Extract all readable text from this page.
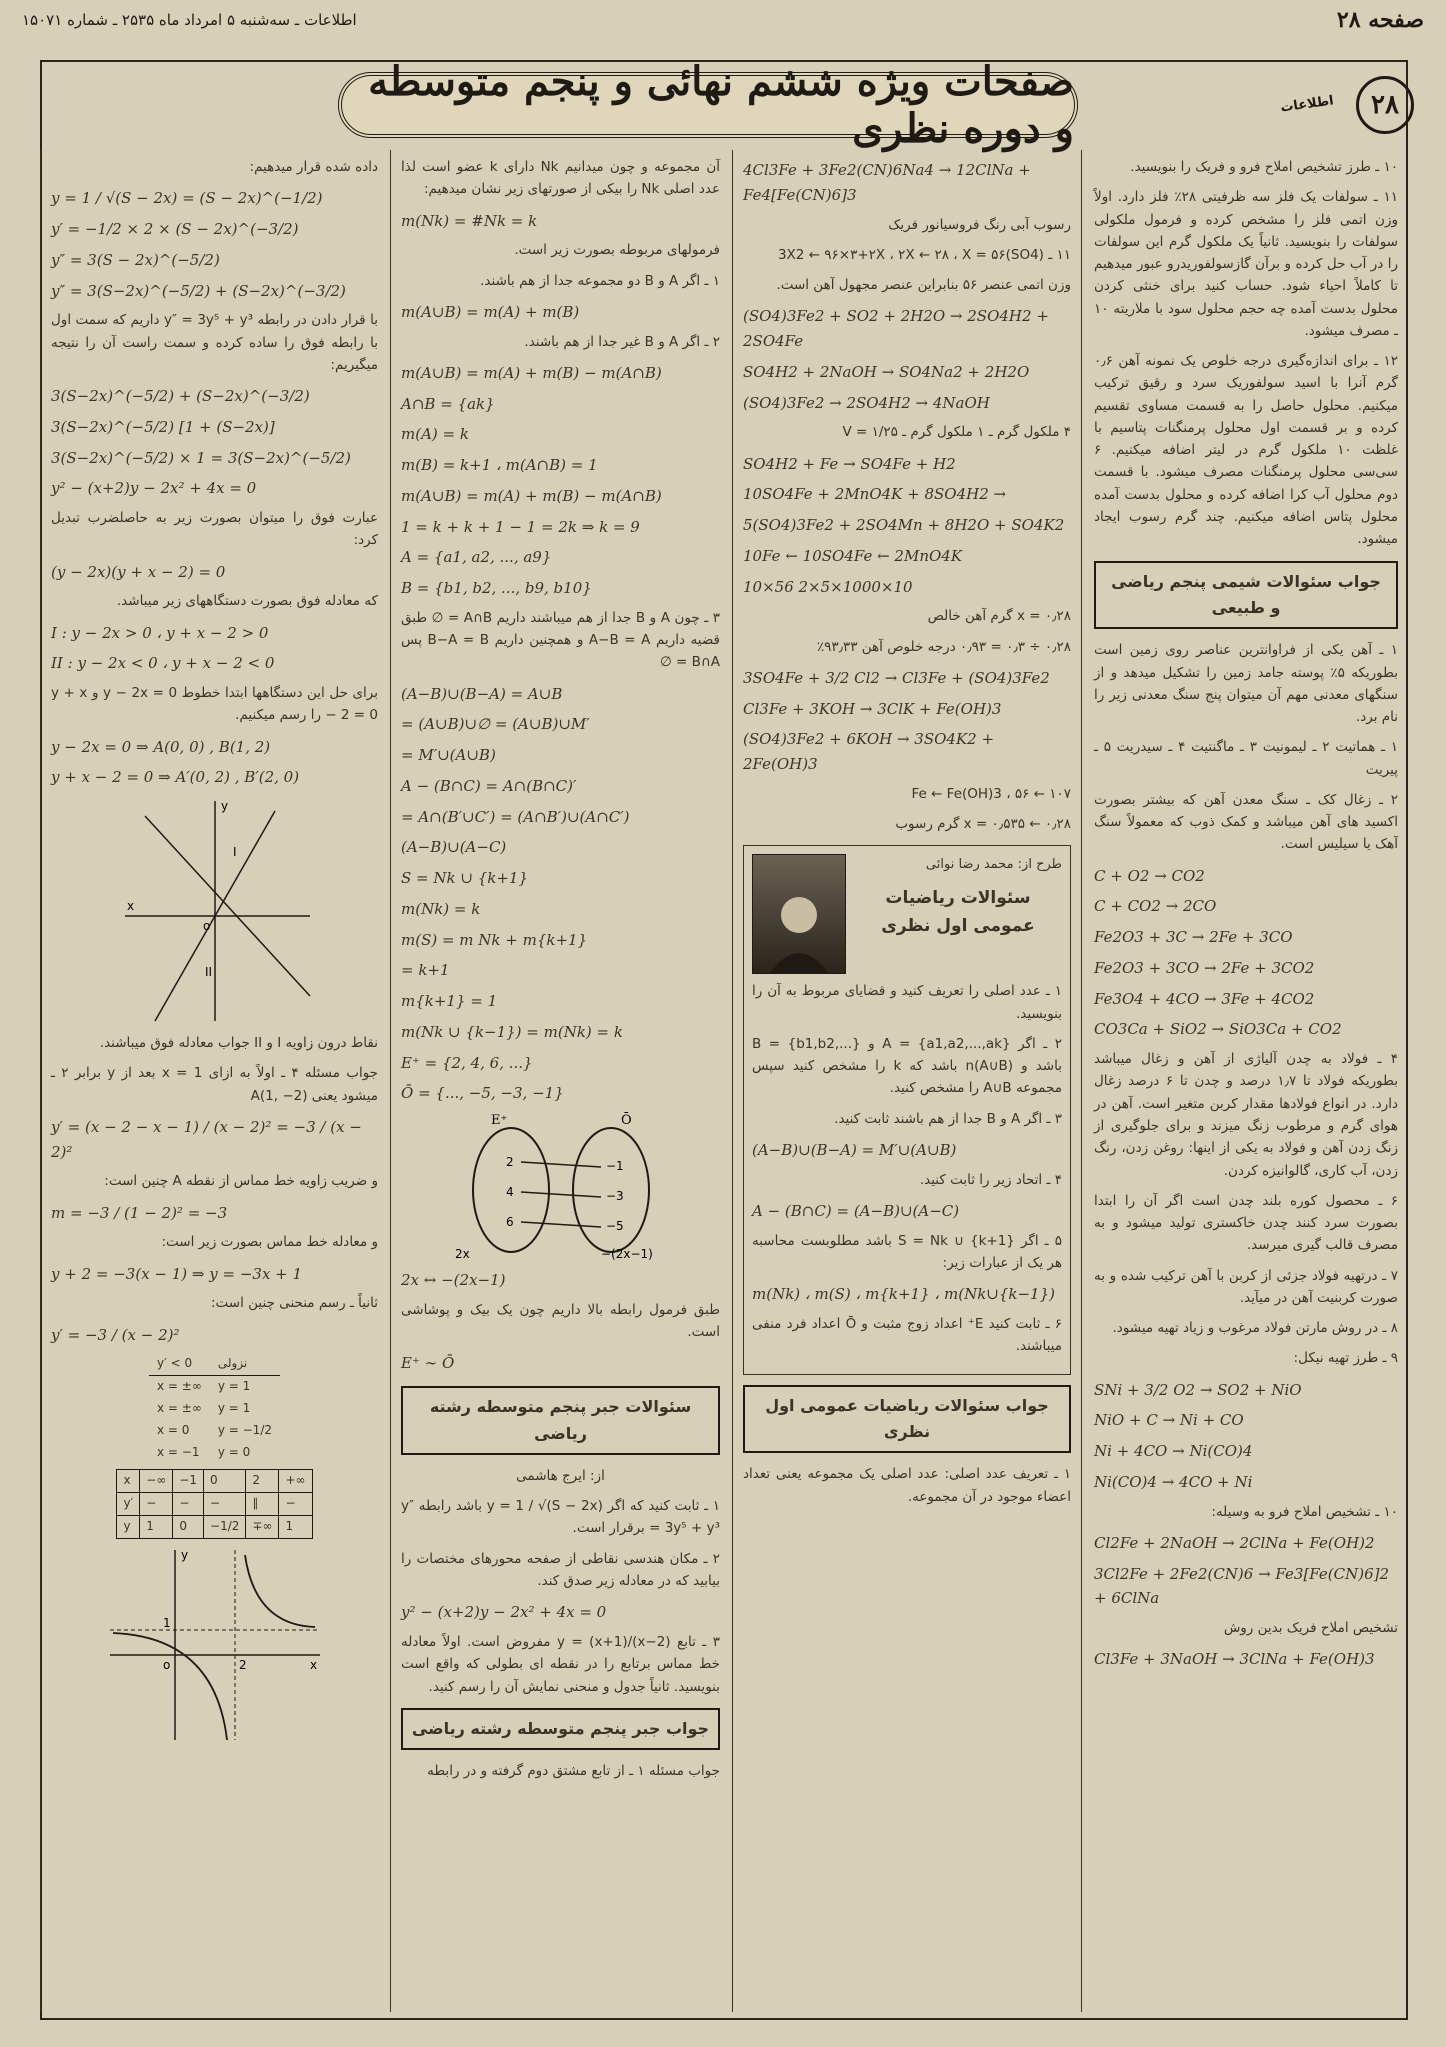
اطلاعات ـ سه‌شنبه ۵ امرداد ماه ۲۵۳۵ ـ شماره ۱۵۰۷۱	صفحه ۲۸
صفحات ویژه ششم نهائی و پنجم متوسطه و دوره نظری
اطلاعات	۲۸

۱۰ ـ طرز تشخیص املاح فرو و فریک را بنویسید.

۱۱ ـ سولفات یک فلز سه ظرفیتی ۲۸٪ فلز دارد. اولاً وزن اتمی فلز را مشخص کرده و فرمول ملکولی سولفات را بنویسید. ثانیاً یک ملکول گرم این سولفات را در آب حل کرده و برآن گازسولفوریدرو عبور میدهیم تا کاملاً احیاء شود. حساب کنید برای خنثی کردن محلول بدست آمده چه حجم محلول سود با ملاریته ۱۰ ـ مصرف میشود.

۱۲ ـ برای اندازه‌گیری درجه خلوص یک نمونه آهن ۰٫۶ گرم آنرا با اسید سولفوریک سرد و رقیق ترکیب میکنیم. محلول حاصل را به قسمت مساوی تقسیم کرده و بر قسمت اول محلول پرمنگنات پتاسیم با غلظت ۱۰ ملکول گرم در لیتر اضافه میکنیم. ۶ سی‌سی محلول پرمنگنات مصرف میشود. با قسمت دوم محلول آب کرا اضافه کرده و محلول بدست آمده محلول پتاس اضافه میکنیم. چند گرم رسوب ایجاد میشود.

جواب سئوالات شیمی پنجم ریاضی و طبیعی

۱ ـ آهن یکی از فراوانترین عناصر روی زمین است بطوریکه ۵٪ پوسته جامد زمین را تشکیل میدهد و از سنگهای معدنی مهم آن میتوان پنج سنگ معدنی زیر را نام برد.

۱ ـ هماتیت ۲ ـ لیمونیت ۳ ـ ماگنتیت ۴ ـ سیدریت ۵ ـ پیریت

۲ ـ زغال کک ـ سنگ معدن آهن که بیشتر بصورت اکسید های آهن میباشد و کمک ذوب که معمولاً سنگ آهک یا سیلیس است.

C + O2 → CO2
C + CO2 → 2CO
Fe2O3 + 3C → 2Fe + 3CO
Fe2O3 + 3CO → 2Fe + 3CO2
Fe3O4 + 4CO → 3Fe + 4CO2
CO3Ca + SiO2 → SiO3Ca + CO2

۴ ـ فولاد به چدن آلیاژی از آهن و زغال میباشد بطوریکه فولاد تا ۱٫۷ درصد و چدن تا ۶ درصد زغال دارد. در انواع فولادها مقدار کربن متغیر است. آهن در هوای گرم و مرطوب زنگ میزند و برای جلوگیری از زنگ زدن آهن و فولاد به یکی از اینها: روغن زدن، رنگ زدن، آب کاری، گالوانیزه کردن.

۶ ـ محصول کوره بلند چدن است اگر آن را ابتدا بصورت سرد کنند چدن خاکستری تولید میشود و به مصرف قالب گیری میرسد.

۷ ـ درتهیه فولاد جزئی از کربن با آهن ترکیب شده و به صورت کربنیت آهن در میآید.

۸ ـ در روش مارتن فولاد مرغوب و زیاد تهیه میشود.

۹ ـ طرز تهیه نیکل:

SNi + 3/2 O2 → SO2 + NiO
NiO + C → Ni + CO
Ni + 4CO → Ni(CO)4
Ni(CO)4 → 4CO + Ni

۱۰ ـ تشخیص املاح فرو به وسیله:

Cl2Fe + 2NaOH → 2ClNa + Fe(OH)2
3Cl2Fe + 2Fe2(CN)6 → Fe3[Fe(CN)6]2 + 6ClNa

تشخیص املاح فریک بدین روش

Cl3Fe + 3NaOH → 3ClNa + Fe(OH)3
4Cl3Fe + 3Fe2(CN)6Na4 → 12ClNa + Fe4[Fe(CN)6]3

رسوب آبی رنگ فروسیانور فریک

۱۱ ـ (SO4)3X2 ← ۹۶×۳+۲X ، ۲X ← ۲۸ ، X = ۵۶

وزن اتمی عنصر ۵۶ بنابراین عنصر مجهول آهن است.

(SO4)3Fe2 + SO2 + 2H2O → 2SO4H2 + 2SO4Fe
SO4H2 + 2NaOH → SO4Na2 + 2H2O
(SO4)3Fe2 → 2SO4H2 → 4NaOH

۴ ملکول گرم ـ ۱ ملکول گرم ـ V = ۱/۲۵

SO4H2 + Fe → SO4Fe + H2
10SO4Fe + 2MnO4K + 8SO4H2 →
5(SO4)3Fe2 + 2SO4Mn + 8H2O + SO4K2
10Fe ← 10SO4Fe ← 2MnO4K
10×56 2×5×1000×10

x = ۰٫۲۸ گرم آهن خالص

۰٫۲۸ ÷ ۰٫۳ = ۰٫۹۳ درجه خلوص آهن ۹۳٫۳۳٪

3SO4Fe + 3/2 Cl2 → Cl3Fe + (SO4)3Fe2
Cl3Fe + 3KOH → 3ClK + Fe(OH)3
(SO4)3Fe2 + 6KOH → 3SO4K2 + 2Fe(OH)3

Fe ← Fe(OH)3 ، ۵۶ ← ۱۰۷

۰٫۲۸ ← x = ۰٫۵۳۵ گرم رسوب

طرح از: محمد رضا نوائی

سئوالات ریاضیات عمومی اول نظری

۱ ـ عدد اصلی را تعریف کنید و قضایای مربوط به آن را بنویسید.

۲ ـ اگر A = {a1,a2,...,ak} و B = {b1,b2,...} باشد و n(A∪B) باشد که k را مشخص کنید سپس مجموعه A∪B را مشخص کنید.

۳ ـ اگر A و B جدا از هم باشند ثابت کنید.

(A−B)∪(B−A) = M′∪(A∪B)

۴ ـ اتحاد زیر را ثابت کنید.

A − (B∩C) = (A−B)∪(A−C)

۵ ـ اگر S = Nk ∪ {k+1} باشد مطلوبست محاسبه هر یک از عبارات زیر:

m(Nk) ، m(S) ، m{k+1} ، m(Nk∪{k−1})

۶ ـ ثابت کنید E⁺ اعداد زوج مثبت و Ō اعداد فرد منفی میباشند.

جواب سئوالات ریاضیات عمومی اول نظری

۱ ـ تعریف عدد اصلی: عدد اصلی یک مجموعه یعنی تعداد اعضاء موجود در آن مجموعه.

آن مجموعه و چون میدانیم Nk دارای k عضو است لذا عدد اصلی Nk را بیکی از صورتهای زیر نشان میدهیم:

m(Nk) = #Nk = k

فرمولهای مربوطه بصورت زیر است.

۱ ـ اگر A و B دو مجموعه جدا از هم باشند.

m(A∪B) = m(A) + m(B)

۲ ـ اگر A و B غیر جدا از هم باشند.

m(A∪B) = m(A) + m(B) − m(A∩B)
A∩B = {ak}
m(A) = k
m(B) = k+1 ، m(A∩B) = 1
m(A∪B) = m(A) + m(B) − m(A∩B)
1 = k + k + 1 − 1 = 2k ⇒ k = 9
A = {a1, a2, ..., a9}
B = {b1, b2, ..., b9, b10}

۳ ـ چون A و B جدا از هم میباشند داریم A∩B = ∅ طبق قضیه داریم A−B = A و همچنین داریم B−A = B پس B∩A = ∅

(A−B)∪(B−A) = A∪B
= (A∪B)∪∅ = (A∪B)∪M′
= M′∪(A∪B)
A − (B∩C) = A∩(B∩C)′
= A∩(B′∪C′) = (A∩B′)∪(A∩C′)
(A−B)∪(A−C)
S = Nk ∪ {k+1}
m(Nk) = k
m(S) = m Nk + m{k+1}
= k+1
m{k+1} = 1
m(Nk ∪ {k−1}) = m(Nk) = k
E⁺ = {2, 4, 6, ...}
Ō = {..., −5, −3, −1}
E⁺	Ō
2
4
6
−1
−3
−5
2x	−(2x−1)
2x ↔ −(2x−1)

طبق فرمول رابطه بالا داریم چون یک بیک و پوشاشی است.

E⁺ ∼ Ō
سئوالات جبر پنجم متوسطه رشته ریاضی

از: ایرج هاشمی

۱ ـ ثابت کنید که اگر y = 1 / √(S − 2x) باشد رابطه y″ = 3y⁵ + y³ برقرار است.

۲ ـ مکان هندسی نقاطی از صفحه محورهای مختصات را بیابید که در معادله زیر صدق کند.

y² − (x+2)y − 2x² + 4x = 0

۳ ـ تابع y = (x+1)/(x−2) مفروض است. اولاً معادله خط مماس برتابع را در نقطه ای بطولی که واقع است بنویسید. ثانیاً جدول و منحنی نمایش آن را رسم کنید.

جواب جبر پنجم متوسطه رشته ریاضی

جواب مسئله ۱ ـ از تابع مشتق دوم گرفته و در رابطه

داده شده قرار میدهیم:

y = 1 / √(S − 2x) = (S − 2x)^(−1/2)
y′ = −1/2 × 2 × (S − 2x)^(−3/2)
y″ = 3(S − 2x)^(−5/2)
y″ = 3(S−2x)^(−5/2) + (S−2x)^(−3/2)

با قرار دادن در رابطه y″ = 3y⁵ + y³ داریم که سمت اول با رابطه فوق را ساده کرده و سمت راست آن را نتیجه میگیریم:

3(S−2x)^(−5/2) + (S−2x)^(−3/2)
3(S−2x)^(−5/2) [1 + (S−2x)]
3(S−2x)^(−5/2) × 1 = 3(S−2x)^(−5/2)
y² − (x+2)y − 2x² + 4x = 0

عبارت فوق را میتوان بصورت زیر به حاصلضرب تبدیل کرد:

(y − 2x)(y + x − 2) = 0

که معادله فوق بصورت دستگاههای زیر میباشد.

I : y − 2x > 0 ، y + x − 2 > 0
II : y − 2x < 0 ، y + x − 2 < 0

برای حل این دستگاهها ابتدا خطوط y − 2x = 0 و y + x − 2 = 0 را رسم میکنیم.

y − 2x = 0 ⇒ A(0, 0) , B(1, 2)
y + x − 2 = 0 ⇒ A′(0, 2) , B′(2, 0)
y
x
I
II
o

نقاط درون زاویه I و II جواب معادله فوق میباشند.

جواب مسئله ۴ ـ اولاً به ازای x = 1 بعد از y برابر ۲ ـ میشود یعنی A(1, −2)

y′ = (x − 2 − x − 1) / (x − 2)² = −3 / (x − 2)²

و ضریب زاویه خط مماس از نقطه A چنین است:

m = −3 / (1 − 2)² = −3

و معادله خط مماس بصورت زیر است:

y + 2 = −3(x − 1) ⇒ y = −3x + 1

ثانیاً ـ رسم منحنی چنین است:

y′ = −3 / (x − 2)²
y′ < 0	نزولی
x = ±∞	y = 1
x = ±∞	y = 1
x = 0	y = −1/2
x = −1	y = 0
x	−∞	−1	0	2	+∞
y′	−	−	−	∥	−
y	1	0	−1/2	∓∞	1
y
x
o	2
1
